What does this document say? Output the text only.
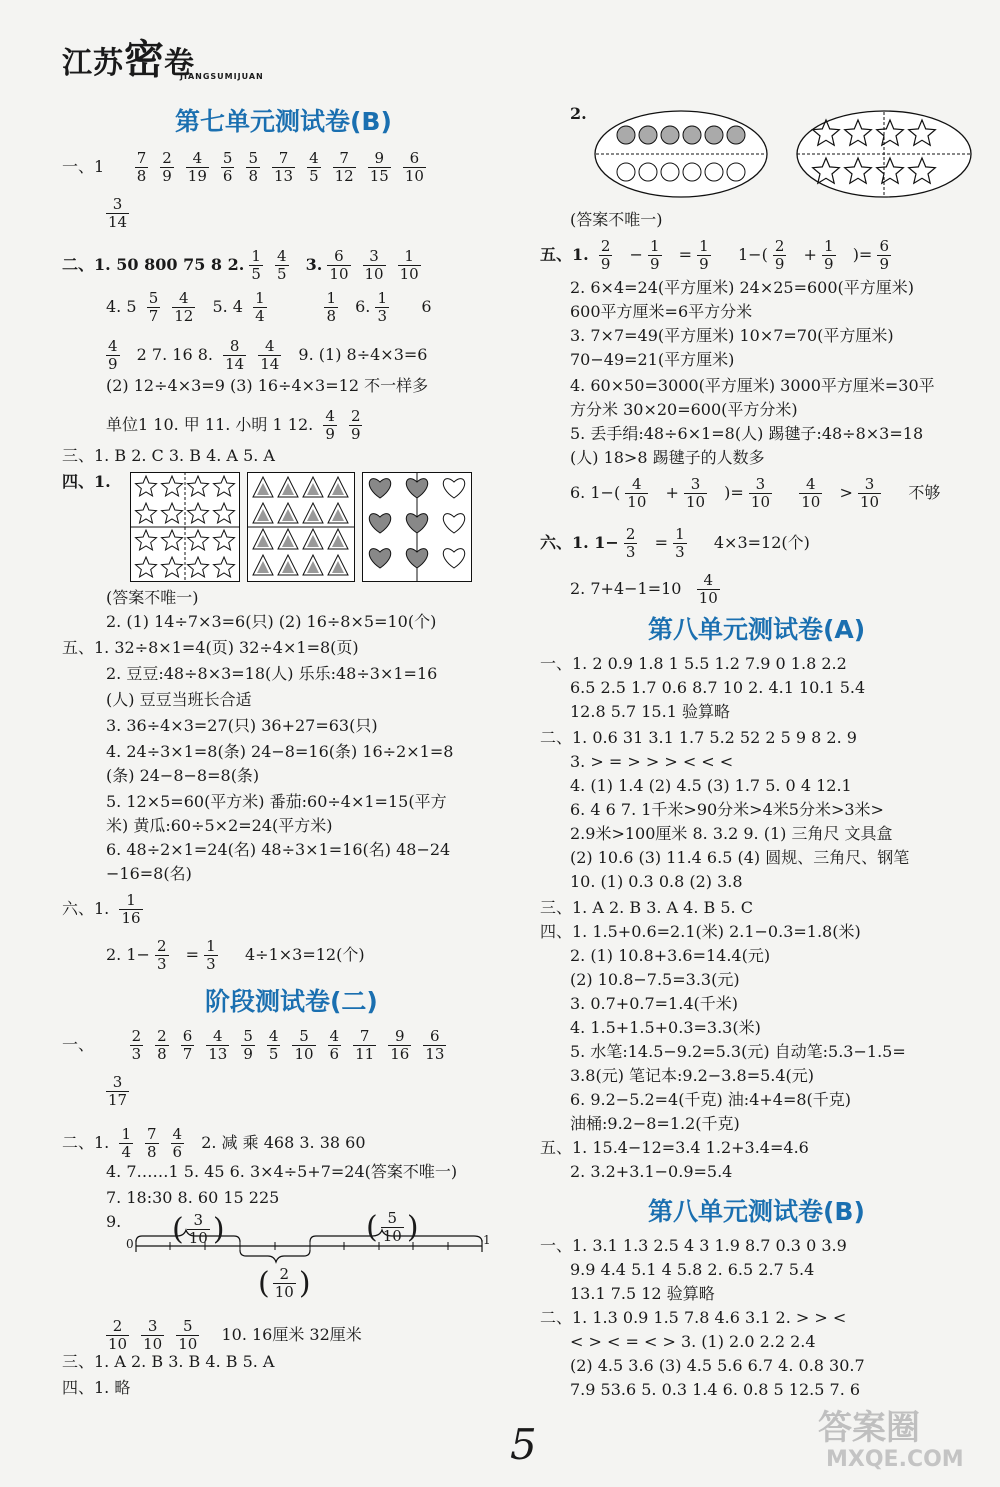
江苏密卷
JIANGSUMIJUAN
第七单元测试卷(B)
阶段测试卷(二)
第八单元测试卷(A)
第八单元测试卷(B)
一、$1 \frac{7}{8} \frac{2}{9} \frac{4}{19} \frac{5}{6} \frac{5}{8} \frac{7}{13} \frac{4}{5} \frac{7}{12} \frac{9}{15} \frac{6}{10}$
$\frac{3}{14}$
二、1. 50 800 75 8 2. $\frac{1}{5} \frac{4}{5} 3$. $\frac{6}{10} \frac{3}{10} \frac{1}{10}$
4. $5 \frac{5}{7} \frac{4}{12} 5$. $4 \frac{1}{4}$
	$\frac{1}{8} 6$. $\frac{1}{3} 6$
$\frac{4}{9} 2$ 7. 16 8. $\frac{8}{14} \frac{4}{14} 9$. (1) 8÷4×3=6
(2) 12÷4×3=9 (3) 16÷4×3=12 不一样多
单位1 10. 甲 11. 小明 1 12. $\frac{4}{9} \frac{2}{9}$
三、1. B 2. C 3. B 4. A 5. A
四、1.
(答案不唯一)
2. (1) 14÷7×3=6(只) (2) 16÷8×5=10(个)
五、1. 32÷8×1=4(页) 32÷4×1=8(页)
2. 豆豆:48÷8×3=18(人) 乐乐:48÷3×1=16
(人) 豆豆当班长合适
3. 36÷4×3=27(只) 36+27=63(只)
4. 24÷3×1=8(条) 24−8=16(条) 16÷2×1=8
(条) 24−8−8=8(条)
5. 12×5=60(平方米) 番茄:60÷4×1=15(平方
米) 黄瓜:60÷5×2=24(平方米)
6. 48÷2×1=24(名) 48÷3×1=16(名) 48−24
−16=8(名)
六、1. $\frac{1}{16}$
2. $1- \frac{2}{3} = \frac{1}{3} 4\div 1\times 3=12$(个)
一、 $\frac{2}{3} \frac{2}{8} \frac{6}{7} \frac{4}{13} \frac{5}{9} \frac{4}{5} \frac{5}{10} \frac{4}{6} \frac{7}{11} \frac{9}{16} \frac{6}{13}$
$\frac{3}{17}$
二、1. $\frac{1}{4} \frac{7}{8} \frac{4}{6} 2$. 减 乘 468 3. 38 60
4. 7……1 5. 45 6. 3×4÷5+7=24(答案不唯一)
7. 18:30 8. 60 15 225
9.
0	1
( $\frac{3}{10}$ )	( $\frac{5}{10}$ )
( $\frac{2}{10}$ )
$\frac{2}{10} \frac{3}{10} \frac{5}{10} 10$. 16厘米 32厘米
三、1. A 2. B 3. B 4. B 5. A
四、1. 略
2.
(答案不唯一)
五、1. $\frac{2}{9} - \frac{1}{9} = \frac{1}{9} 1-( \frac{2}{9} + \frac{1}{9}$ )= $\frac{6}{9}$
2. 6×4=24(平方厘米) 24×25=600(平方厘米)
600平方厘米=6平方分米
3. 7×7=49(平方厘米) 10×7=70(平方厘米)
70−49=21(平方厘米)
4. 60×50=3000(平方厘米) 3000平方厘米=30平
方分米 30×20=600(平方分米)
5. 丢手绢:48÷6×1=8(人) 踢毽子:48÷8×3=18
(人) 18>8 踢毽子的人数多
6. $1-( \frac{4}{10} + \frac{3}{10}$ )= $\frac{3}{10}$
$\frac{4}{10} > \frac{3}{10}$ 不够
六、1. $1- \frac{2}{3} = \frac{1}{3} 4\times 3=12$(个)
2. $7+4-1=10 \frac{4}{10}$
一、1. 2 0.9 1.8 1 5.5 1.2 7.9 0 1.8 2.2
6.5 2.5 1.7 0.6 8.7 10 2. 4.1 10.1 5.4
12.8 5.7 15.1 验算略
二、1. 0.6 31 3.1 1.7 5.2 52 2 5 9 8 2. 9
3. > = > > > < < <
4. (1) 1.4 (2) 4.5 (3) 1.7 5. 0 4 12.1
6. 4 6 7. 1千米>90分米>4米5分米>3米>
2.9米>100厘米 8. 3.2 9. (1) 三角尺 文具盒
(2) 10.6 (3) 11.4 6.5 (4) 圆规、三角尺、钢笔
10. (1) 0.3 0.8 (2) 3.8
三、1. A 2. B 3. A 4. B 5. C
四、1. 1.5+0.6=2.1(米) 2.1−0.3=1.8(米)
2. (1) 10.8+3.6=14.4(元)
(2) 10.8−7.5=3.3(元)
3. 0.7+0.7=1.4(千米)
4. 1.5+1.5+0.3=3.3(米)
5. 水笔:14.5−9.2=5.3(元) 自动笔:5.3−1.5=
3.8(元) 笔记本:9.2−3.8=5.4(元)
6. 9.2−5.2=4(千克) 油:4+4=8(千克)
油桶:9.2−8=1.2(千克)
五、1. 15.4−12=3.4 1.2+3.4=4.6
2. 3.2+3.1−0.9=5.4
一、1. 3.1 1.3 2.5 4 3 1.9 8.7 0.3 0 3.9
9.9 4.4 5.1 4 5.8 2. 6.5 2.7 5.4
13.1 7.5 12 验算略
二、1. 1.3 0.9 1.5 7.8 4.6 3.1 2. > > <
< > < = < > 3. (1) 2.0 2.2 2.4
(2) 4.5 3.6 (3) 4.5 5.6 6.7 4. 0.8 30.7
7.9 53.6 5. 0.3 1.4 6. 0.8 5 12.5 7. 6
5	答案圈
MXQE.COM
